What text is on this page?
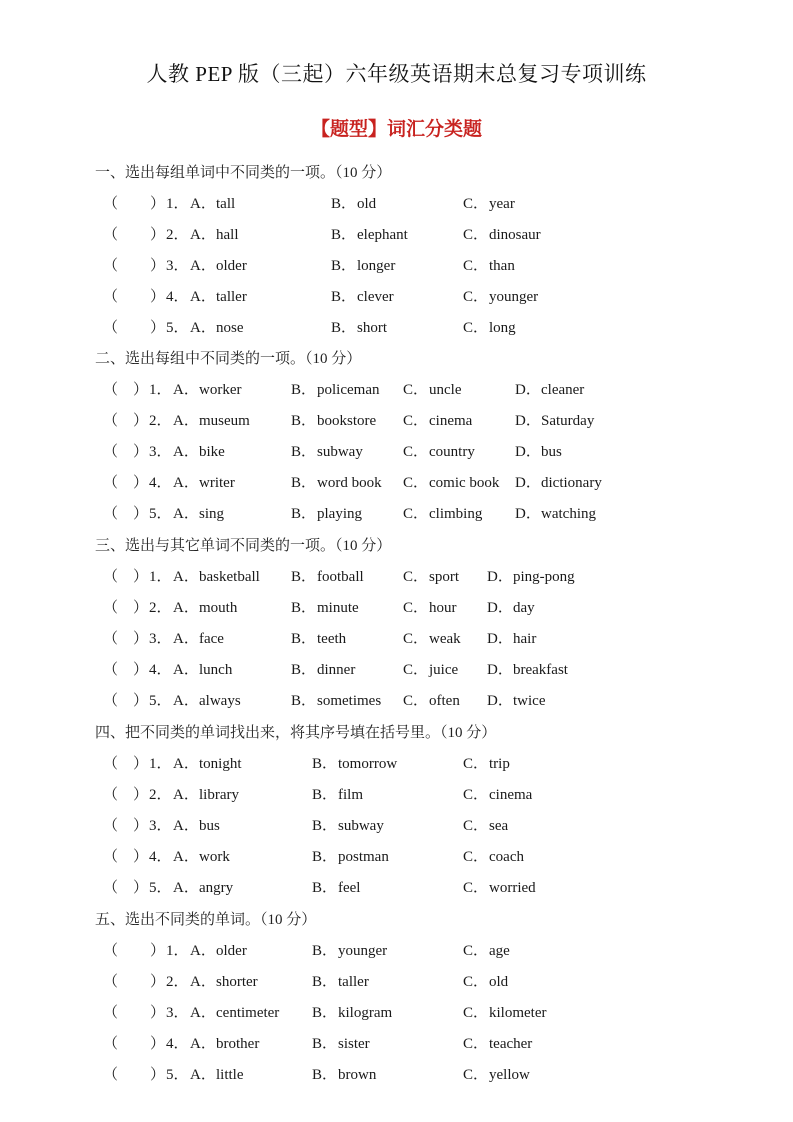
人教 PEP 版（三起）六年级英语期末总复习专项训练
【题型】词汇分类题
一、选出每组单词中不同类的一项。（10 分）
（ ） 1． A． tall	B． old	C． year
（ ） 2． A． hall	B． elephant	C． dinosaur
（ ） 3． A． older	B． longer	C． than
（ ） 4． A． taller	B． clever	C． younger
（ ） 5． A． nose	B． short	C． long
二、选出每组中不同类的一项。（10 分）
（ ） 1． A． worker	B． policeman C． uncle	D． cleaner
（ ） 2． A． museum	B． bookstore C． cinema	D． Saturday
（ ） 3． A． bike	B． subway	C． country	D． bus
（ ） 4． A． writer	B． word book C． comic book D． dictionary
（ ） 5． A． sing	B． playing	C． climbing D． watching
三、选出与其它单词不同类的一项。（10 分）
（ ） 1． A． basketball B． football	C． sport D． ping-pong
（ ） 2． A． mouth	B． minute	C． hour D． day
（ ） 3． A． face	B． teeth	C． weak D． hair
（ ） 4． A． lunch	B． dinner	C． juice D． breakfast
（ ） 5． A． always	B． sometimes C． often D． twice
四、把不同类的单词找出来，将其序号填在括号里。（10 分）
（ ） 1． A． tonight	B． tomorrow	C． trip
（ ） 2． A． library	B． film	C． cinema
（ ） 3． A． bus	B． subway	C． sea
（ ） 4． A． work	B． postman	C． coach
（ ） 5． A． angry	B． feel	C． worried
五、选出不同类的单词。（10 分）
（ ） 1． A． older	B． younger	C． age
（ ） 2． A． shorter	B． taller	C． old
（ ） 3． A． centimeter B． kilogram	C． kilometer
（ ） 4． A． brother	B． sister	C． teacher
（ ） 5． A． little	B． brown	C． yellow
